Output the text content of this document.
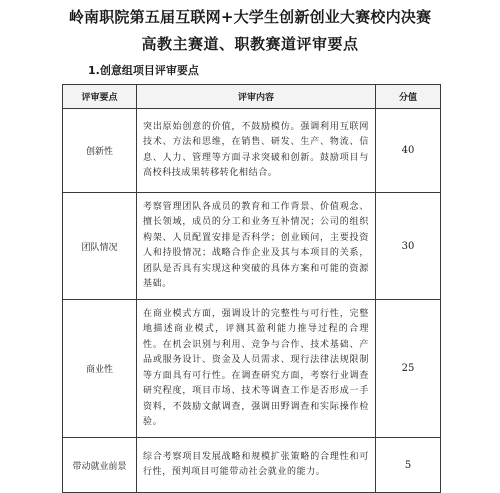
岭南职院第五届互联网+大学生创新创业大赛校内决赛
高教主赛道、职教赛道评审要点
1.创意组项目评审要点
评审要点	评审内容	分值
创新性	突出原始创意的价值，不鼓励模仿。强调利用互联网技术、方法和思维，在销售、研发、生产、物流、信息、人力、管理等方面寻求突破和创新。鼓励项目与高校科技成果转移转化相结合。	40
团队情况	考察管理团队各成员的教育和工作背景、价值观念、擅长领域，成员的分工和业务互补情况；公司的组织构架、人员配置安排是否科学；创业顾问，主要投资人和持股情况；战略合作企业及其与本项目的关系，团队是否具有实现这种突破的具体方案和可能的资源基础。	30
商业性	在商业模式方面，强调设计的完整性与可行性，完整地描述商业模式，评测其盈利能力推导过程的合理性。在机会识别与利用、竞争与合作、技术基础、产品或服务设计、资金及人员需求、现行法律法规限制等方面具有可行性。在调查研究方面，考察行业调查研究程度，项目市场、技术等调查工作是否形成一手资料，不鼓励文献调查，强调田野调查和实际操作检验。	25
带动就业前景	综合考察项目发展战略和规模扩张策略的合理性和可行性，预判项目可能带动社会就业的能力。	5
